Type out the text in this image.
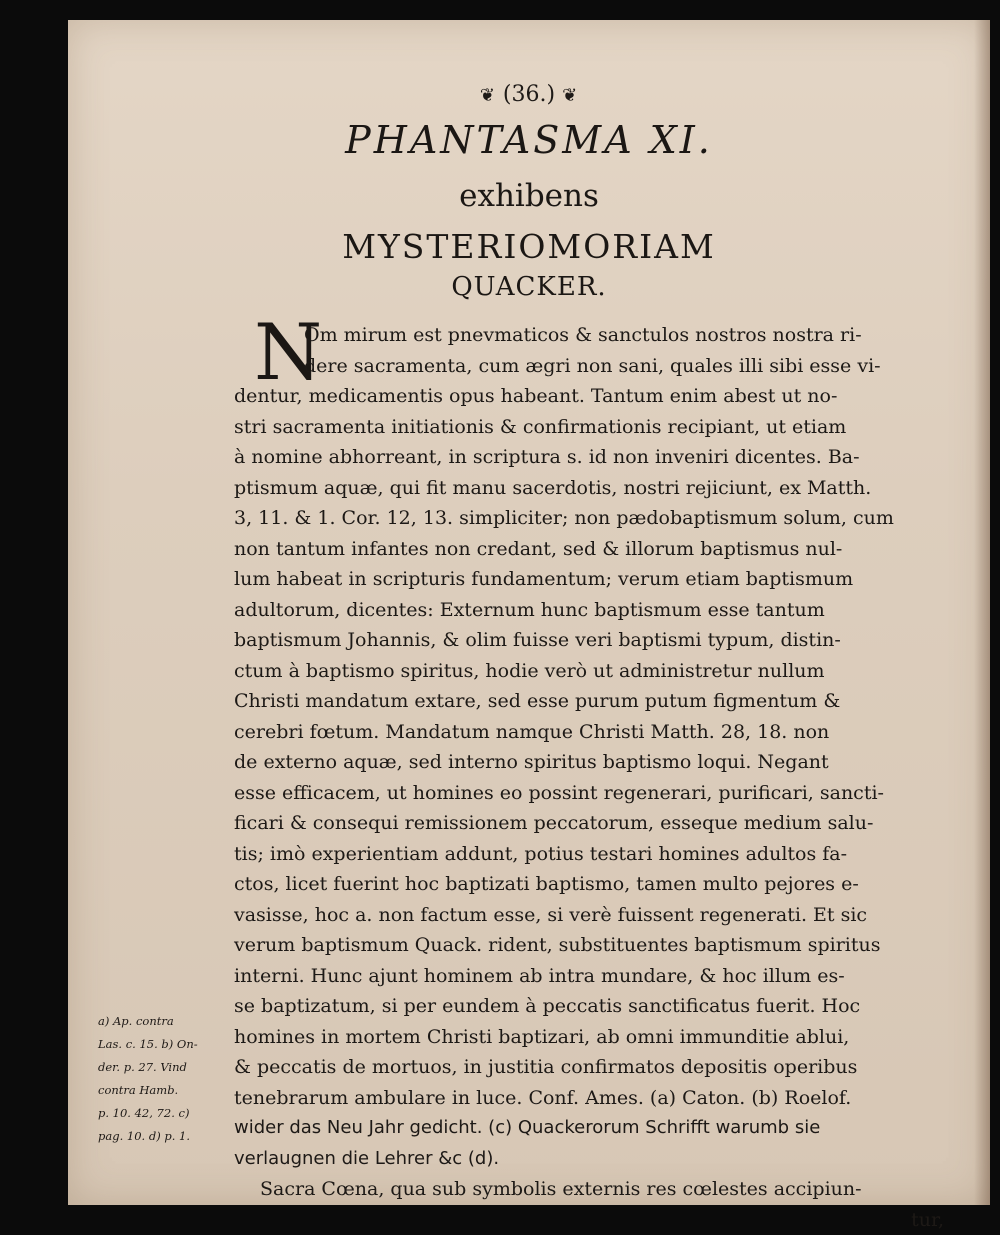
❦ (36.) ❦
PHANTASMA XI.
exhibens
MYSTERIOMORIAM
QUACKER.
N
Om mirum est pnevmaticos & sanctulos nostros nostra ri-
dere sacramenta, cum ægri non sani, quales illi sibi esse vi-
dentur, medicamentis opus habeant. Tantum enim abest ut no-
stri sacramenta initiationis & confirmationis recipiant, ut etiam
à nomine abhorreant, in scriptura s. id non inveniri dicentes. Ba-
ptismum aquæ, qui fit manu sacerdotis, nostri rejiciunt, ex Matth.
3, 11. & 1. Cor. 12, 13. simpliciter; non pædobaptismum solum, cum
non tantum infantes non credant, sed & illorum baptismus nul-
lum habeat in scripturis fundamentum; verum etiam baptismum
adultorum, dicentes: Externum hunc baptismum esse tantum
baptismum Johannis, & olim fuisse veri baptismi typum, distin-
ctum à baptismo spiritus, hodie verò ut administretur nullum
Christi mandatum extare, sed esse purum putum figmentum &
cerebri fœtum. Mandatum namque Christi Matth. 28, 18. non
de externo aquæ, sed interno spiritus baptismo loqui. Negant
esse efficacem, ut homines eo possint regenerari, purificari, sancti-
ficari & consequi remissionem peccatorum, esseque medium salu-
tis; imò experientiam addunt, potius testari homines adultos fa-
ctos, licet fuerint hoc baptizati baptismo, tamen multo pejores e-
vasisse, hoc a. non factum esse, si verè fuissent regenerati. Et sic
verum baptismum Quack. rident, substituentes baptismum spiritus
interni. Hunc ajunt hominem ab intra mundare, & hoc illum es-
se baptizatum, si per eundem à peccatis sanctificatus fuerit. Hoc
homines in mortem Christi baptizari, ab omni immunditie ablui,
& peccatis de mortuos, in justitia confirmatos depositis operibus
tenebrarum ambulare in luce. Conf. Ames. (a) Caton. (b) Roelof.
wider das Neu Jahr gedicht. (c) Quackerorum Schrifft warumb sie
verlaugnen die Lehrer &c (d).
Sacra Cœna, qua sub symbolis externis res cœlestes accipiun-
tur,
a) Ap. contra
Las. c. 15. b) On-
der. p. 27. Vind
contra Hamb.
p. 10. 42, 72. c)
pag. 10. d) p. 1.
